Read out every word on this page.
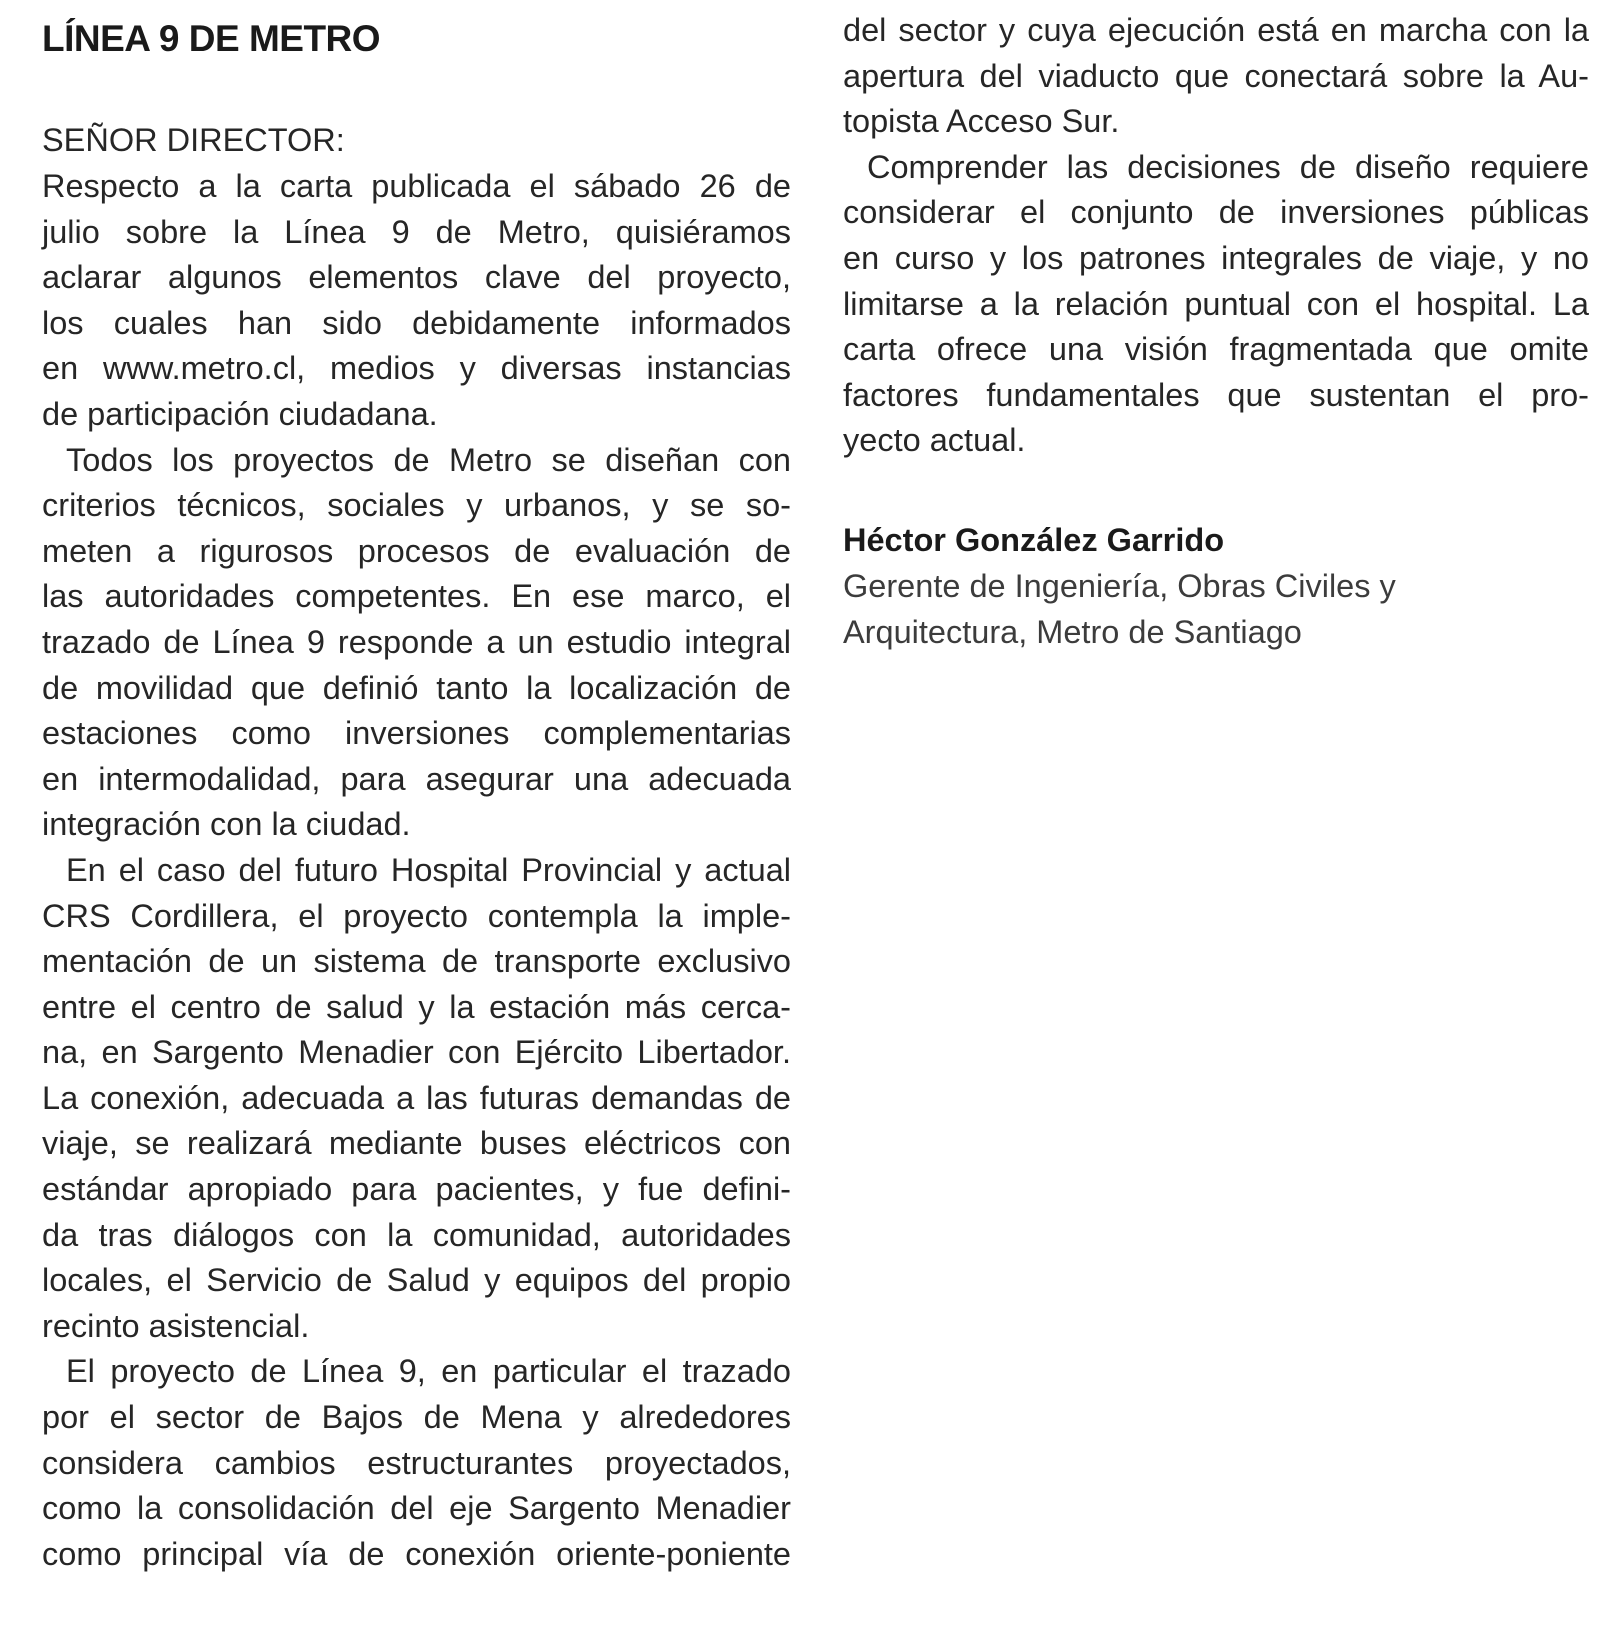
LÍNEA 9 DE METRO
SEÑOR DIRECTOR:
Respecto a la carta publicada el sábado 26 de
julio sobre la Línea 9 de Metro, quisiéramos
aclarar algunos elementos clave del proyecto,
los cuales han sido debidamente informados
en www.metro.cl, medios y diversas instancias
de participación ciudadana.
Todos los proyectos de Metro se diseñan con
criterios técnicos, sociales y urbanos, y se so-
meten a rigurosos procesos de evaluación de
las autoridades competentes. En ese marco, el
trazado de Línea 9 responde a un estudio integral
de movilidad que definió tanto la localización de
estaciones como inversiones complementarias
en intermodalidad, para asegurar una adecuada
integración con la ciudad.
En el caso del futuro Hospital Provincial y actual
CRS Cordillera, el proyecto contempla la imple-
mentación de un sistema de transporte exclusivo
entre el centro de salud y la estación más cerca-
na, en Sargento Menadier con Ejército Libertador.
La conexión, adecuada a las futuras demandas de
viaje, se realizará mediante buses eléctricos con
estándar apropiado para pacientes, y fue defini-
da tras diálogos con la comunidad, autoridades
locales, el Servicio de Salud y equipos del propio
recinto asistencial.
El proyecto de Línea 9, en particular el trazado
por el sector de Bajos de Mena y alrededores
considera cambios estructurantes proyectados,
como la consolidación del eje Sargento Menadier
como principal vía de conexión oriente-poniente
del sector y cuya ejecución está en marcha con la
apertura del viaducto que conectará sobre la Au-
topista Acceso Sur.
Comprender las decisiones de diseño requiere
considerar el conjunto de inversiones públicas
en curso y los patrones integrales de viaje, y no
limitarse a la relación puntual con el hospital. La
carta ofrece una visión fragmentada que omite
factores fundamentales que sustentan el pro-
yecto actual.
Héctor González Garrido
Gerente de Ingeniería, Obras Civiles y
Arquitectura, Metro de Santiago
